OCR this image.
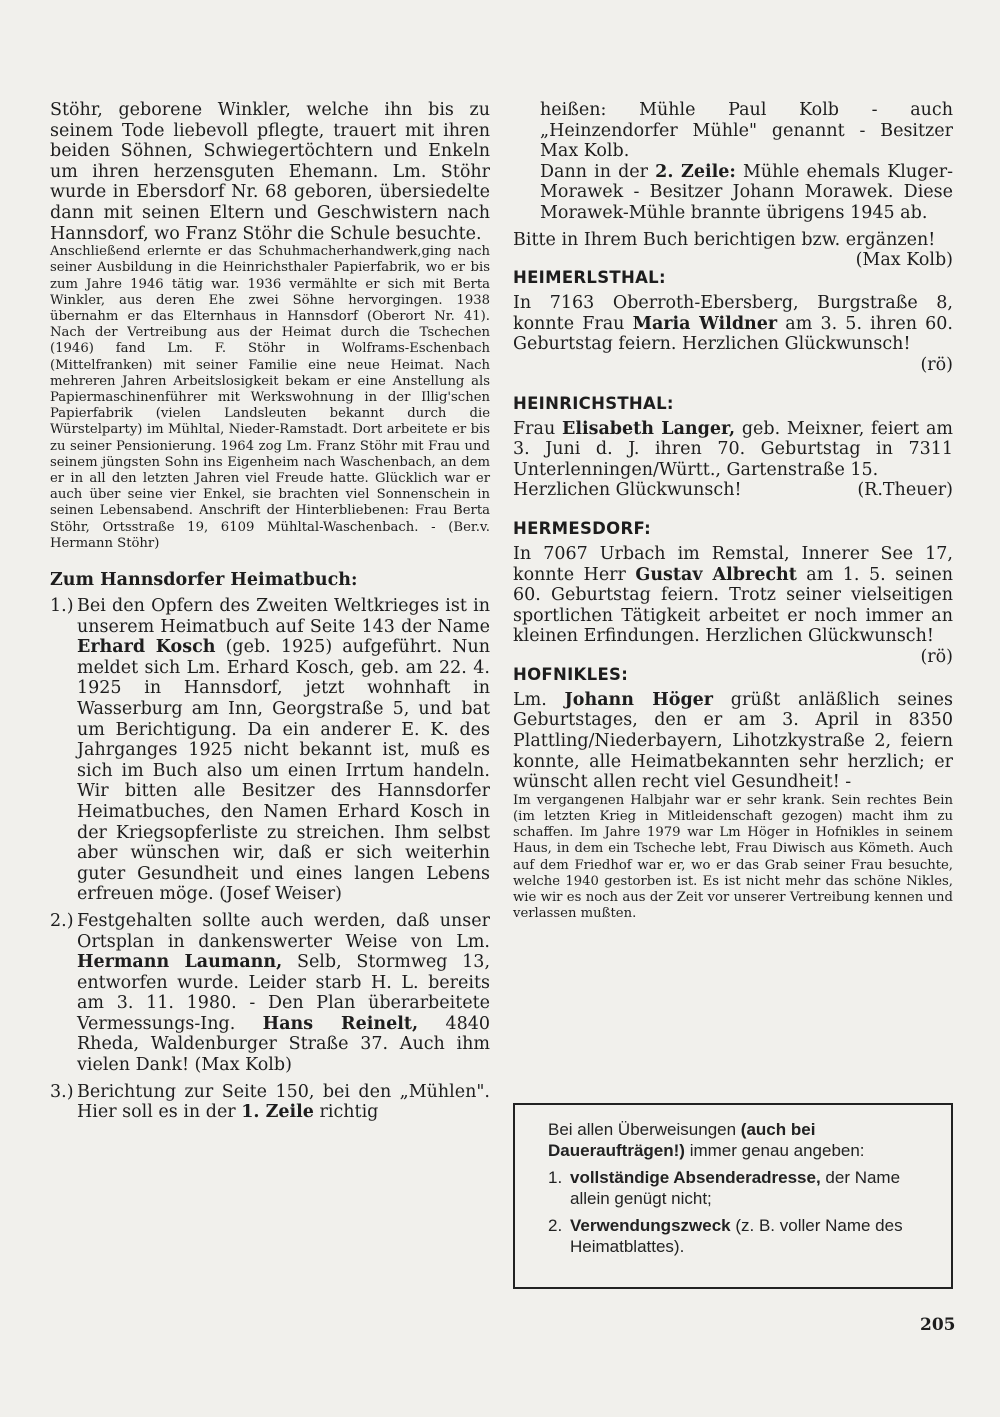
Stöhr, geborene Winkler, welche ihn bis zu seinem Tode liebevoll pflegte, trauert mit ihren beiden Söhnen, Schwiegertöchtern und Enkeln um ihren herzensguten Ehemann. Lm. Stöhr wurde in Ebersdorf Nr. 68 geboren, übersiedelte dann mit seinen Eltern und Geschwistern nach Hannsdorf, wo Franz Stöhr die Schule besuchte.

Anschließend erlernte er das Schuhmacherhandwerk,ging nach seiner Ausbildung in die Heinrichsthaler Papierfabrik, wo er bis zum Jahre 1946 tätig war. 1936 vermählte er sich mit Berta Winkler, aus deren Ehe zwei Söhne hervorgingen. 1938 übernahm er das Elternhaus in Hannsdorf (Oberort Nr. 41). Nach der Vertreibung aus der Heimat durch die Tschechen (1946) fand Lm. F. Stöhr in Wolframs-Eschenbach (Mittelfranken) mit seiner Familie eine neue Heimat. Nach mehreren Jahren Arbeitslosigkeit bekam er eine Anstellung als Papiermaschinenführer mit Werkswohnung in der Illig'schen Papierfabrik (vielen Landsleuten bekannt durch die Würstelparty) im Mühltal, Nieder-Ramstadt. Dort arbeitete er bis zu seiner Pensionierung. 1964 zog Lm. Franz Stöhr mit Frau und seinem jüngsten Sohn ins Eigenheim nach Waschenbach, an dem er in all den letzten Jahren viel Freude hatte. Glücklich war er auch über seine vier Enkel, sie brachten viel Sonnenschein in seinen Lebensabend. Anschrift der Hinterbliebenen: Frau Berta Stöhr, Ortsstraße 19, 6109 Mühltal-Waschenbach. - (Ber.v. Hermann Stöhr)

Zum Hannsdorfer Heimatbuch:

1.) Bei den Opfern des Zweiten Weltkrieges ist in unserem Heimatbuch auf Seite 143 der Name Erhard Kosch (geb. 1925) aufgeführt. Nun meldet sich Lm. Erhard Kosch, geb. am 22. 4. 1925 in Hannsdorf, jetzt wohnhaft in Wasserburg am Inn, Georgstraße 5, und bat um Berichtigung. Da ein anderer E. K. des Jahrganges 1925 nicht bekannt ist, muß es sich im Buch also um einen Irrtum handeln. Wir bitten alle Besitzer des Hannsdorfer Heimatbuches, den Namen Erhard Kosch in der Kriegsopferliste zu streichen. Ihm selbst aber wünschen wir, daß er sich weiterhin guter Gesundheit und eines langen Lebens erfreuen möge. (Josef Weiser)

2.) Festgehalten sollte auch werden, daß unser Ortsplan in dankenswerter Weise von Lm. Hermann Laumann, Selb, Stormweg 13, entworfen wurde. Leider starb H. L. bereits am 3. 11. 1980. - Den Plan überarbeitete Vermessungs-Ing. Hans Reinelt, 4840 Rheda, Waldenburger Straße 37. Auch ihm vielen Dank! (Max Kolb)

3.) Berichtung zur Seite 150, bei den „Mühlen". Hier soll es in der 1. Zeile richtig

heißen: Mühle Paul Kolb - auch „Heinzendorfer Mühle" genannt - Besitzer Max Kolb.

Dann in der 2. Zeile: Mühle ehemals Kluger-Morawek - Besitzer Johann Morawek. Diese Morawek-Mühle brannte übrigens 1945 ab.

Bitte in Ihrem Buch berichtigen bzw. ergänzen!
(Max Kolb)

HEIMERLSTHAL:

In 7163 Oberroth-Ebersberg, Burgstraße 8, konnte Frau Maria Wildner am 3. 5. ihren 60. Geburtstag feiern. Herzlichen Glückwunsch!

(rö)

HEINRICHSTHAL:

Frau Elisabeth Langer, geb. Meixner, feiert am 3. Juni d. J. ihren 70. Geburtstag in 7311 Unterlenningen/Württ., Gartenstraße 15.

Herzlichen Glückwunsch!	(R.Theuer)

HERMESDORF:

In 7067 Urbach im Remstal, Innerer See 17, konnte Herr Gustav Albrecht am 1. 5. seinen 60. Geburtstag feiern. Trotz seiner vielseitigen sportlichen Tätigkeit arbeitet er noch immer an kleinen Erfindungen. Herzlichen Glückwunsch!
(rö)

HOFNIKLES:

Lm. Johann Höger grüßt anläßlich seines Geburtstages, den er am 3. April in 8350 Plattling/Niederbayern, Lihotzkystraße 2, feiern konnte, alle Heimatbekannten sehr herzlich; er wünscht allen recht viel Gesundheit! -

Im vergangenen Halbjahr war er sehr krank. Sein rechtes Bein (im letzten Krieg in Mitleidenschaft gezogen) macht ihm zu schaffen. Im Jahre 1979 war Lm Höger in Hofnikles in seinem Haus, in dem ein Tscheche lebt, Frau Diwisch aus Kömeth. Auch auf dem Friedhof war er, wo er das Grab seiner Frau besuchte, welche 1940 gestorben ist. Es ist nicht mehr das schöne Nikles, wie wir es noch aus der Zeit vor unserer Vertreibung kennen und verlassen mußten.

Bei allen Überweisungen (auch bei Daueraufträgen!) immer genau angeben:

1. vollständige Absenderadresse, der Name allein genügt nicht;

2. Verwendungszweck (z. B. voller Name des Heimatblattes).

205
